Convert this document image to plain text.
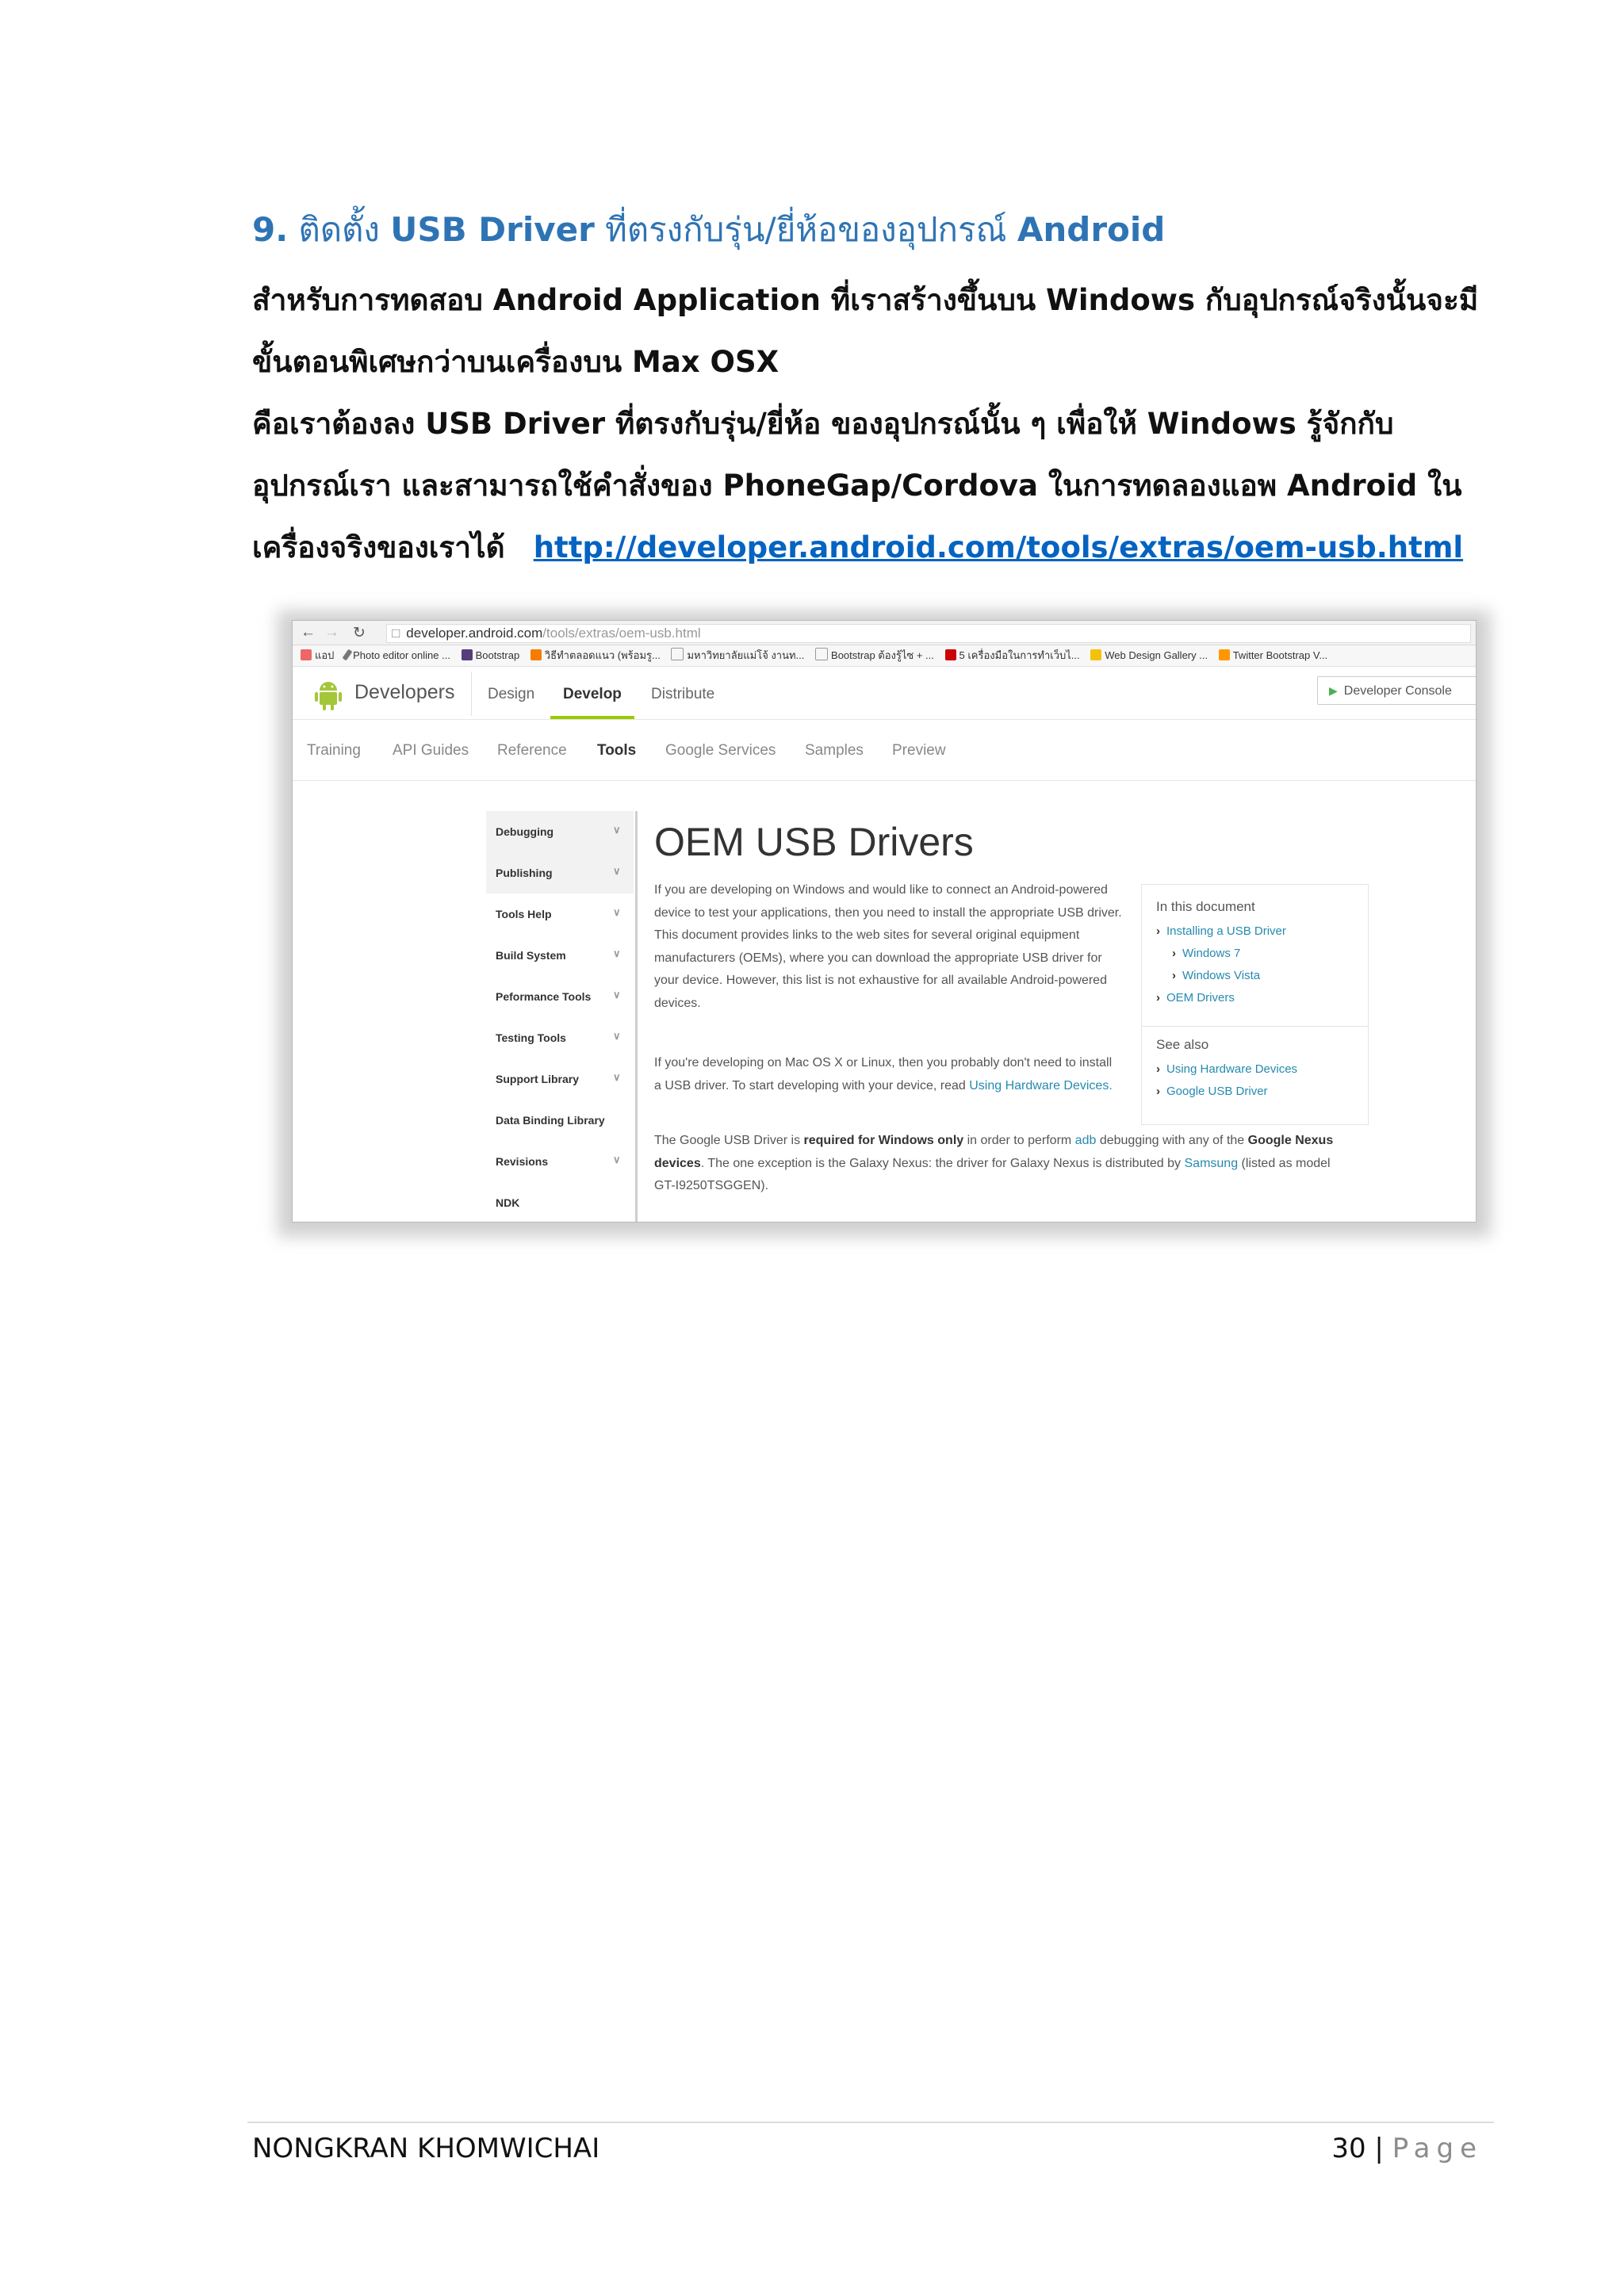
9. ติดตั้ง USB Driver ที่ตรงกับรุ่น/ยี่ห้อของอุปกรณ์ Android
สำหรับการทดสอบ Android Application ที่เราสร้างขึ้นบน Windows กับอุปกรณ์จริงนั้นจะมี
ขั้นตอนพิเศษกว่าบนเครื่องบน Max OSX
คือเราต้องลง USB Driver ที่ตรงกับรุ่น/ยี่ห้อ ของอุปกรณ์นั้น ๆ เพื่อให้ Windows รู้จักกับ
อุปกรณ์เรา และสามารถใช้คำสั่งของ PhoneGap/Cordova ในการทดลองแอพ Android ใน
เครื่องจริงของเราได้ http://developer.android.com/tools/extras/oem-usb.html
← → ↻	□ developer.android.com/tools/extras/oem-usb.html
แอป Photo editor online ... Bootstrap วิธีทำตลอดแนว (พร้อมรู...	มหาวิทยาลัยแม่โจ้ งานท...	Bootstrap ต้องรู้ไซ + ... 5 เครื่องมือในการทำเว็บไ... Web Design Gallery ... Twitter Bootstrap V...
Developers Design Develop Distribute	▶ Developer Console
Training API Guides Reference Tools Google Services Samples Preview
Debugging	∨
Publishing	∨
Tools Help	∨
Build System	∨
Peformance Tools ∨
Testing Tools	∨
Support Library	∨
Data Binding Library
Revisions	∨
NDK
OEM USB Drivers
If you are developing on Windows and would like to connect an Android-powered device to test your applications, then you need to install the appropriate USB driver. This document provides links to the web sites for several original equipment manufacturers (OEMs), where you can download the appropriate USB driver for your device. However, this list is not exhaustive for all available Android-powered devices.
If you're developing on Mac OS X or Linux, then you probably don't need to install a USB driver. To start developing with your device, read Using Hardware Devices.
The Google USB Driver is required for Windows only in order to perform adb debugging with any of the Google Nexus devices. The one exception is the Galaxy Nexus: the driver for Galaxy Nexus is distributed by Samsung (listed as model GT-I9250TSGGEN).
In this document
› Installing a USB Driver
› Windows 7
› Windows Vista
› OEM Drivers
See also
› Using Hardware Devices
› Google USB Driver
NONGKRAN KHOMWICHAI	30 | Page
